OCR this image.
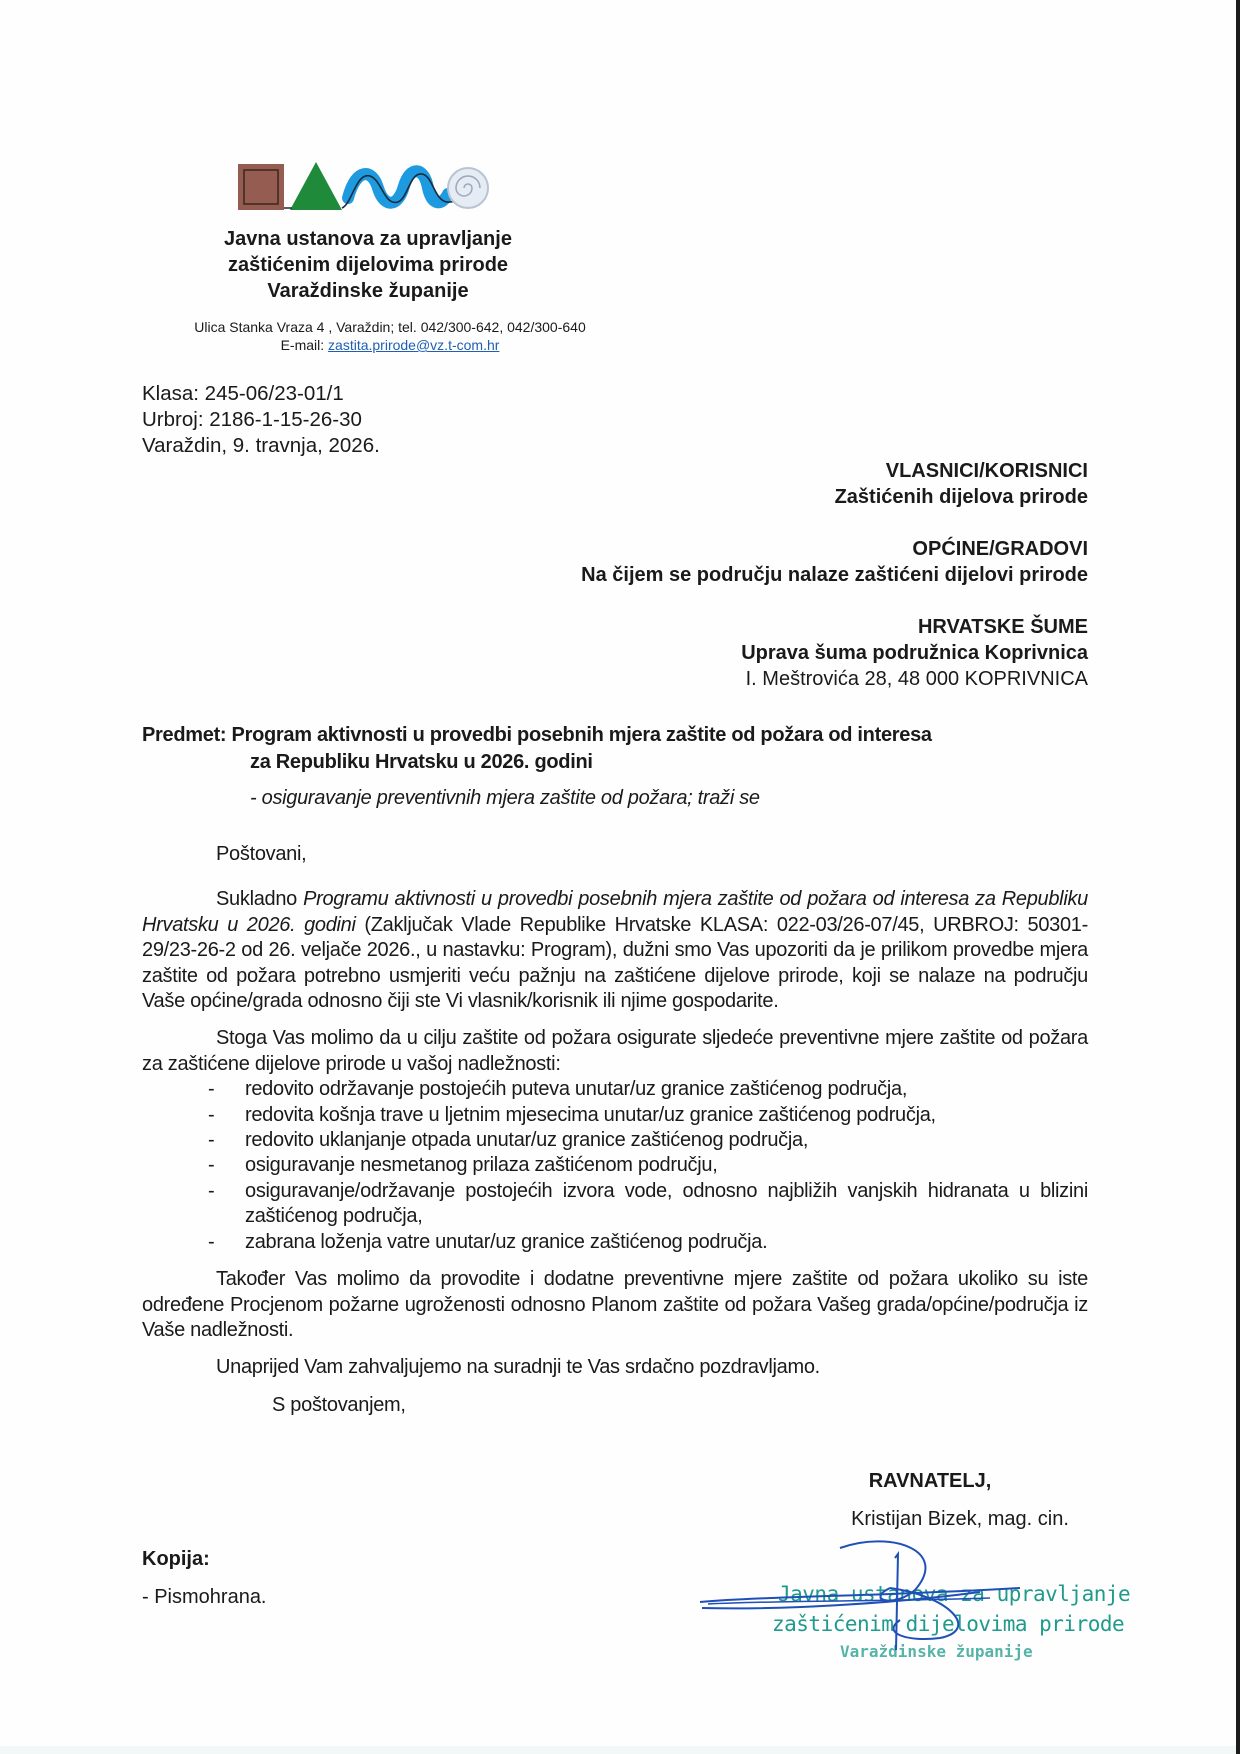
Javna ustanova za upravljanje
zaštićenim dijelovima prirode
Varaždinske županije
Ulica Stanka Vraza 4 , Varaždin; tel. 042/300-642, 042/300-640
E-mail: zastita.prirode@vz.t-com.hr
Klasa: 245-06/23-01/1
Urbroj: 2186-1-15-26-30
Varaždin, 9. travnja, 2026.
VLASNICI/KORISNICI
Zaštićenih dijelova prirode
OPĆINE/GRADOVI
Na čijem se području nalaze zaštićeni dijelovi prirode
HRVATSKE ŠUME
Uprava šuma podružnica Koprivnica
I. Meštrovića 28, 48 000 KOPRIVNICA
Predmet: Program aktivnosti u provedbi posebnih mjera zaštite od požara od interesa
za Republiku Hrvatsku u 2026. godini
- osiguravanje preventivnih mjera zaštite od požara; traži se

Poštovani,

Sukladno Programu aktivnosti u provedbi posebnih mjera zaštite od požara od interesa za Republiku Hrvatsku u 2026. godini (Zaključak Vlade Republike Hrvatske KLASA: 022-03/26-07/45, URBROJ: 50301-29/23-26-2 od 26. veljače 2026., u nastavku: Program), dužni smo Vas upozoriti da je prilikom provedbe mjera zaštite od požara potrebno usmjeriti veću pažnju na zaštićene dijelove prirode, koji se nalaze na području Vaše općine/grada odnosno čiji ste Vi vlasnik/korisnik ili njime gospodarite.

Stoga Vas molimo da u cilju zaštite od požara osigurate sljedeće preventivne mjere zaštite od požara za zaštićene dijelove prirode u vašoj nadležnosti:

- redovito održavanje postojećih puteva unutar/uz granice zaštićenog područja,
- redovita košnja trave u ljetnim mjesecima unutar/uz granice zaštićenog područja,
- redovito uklanjanje otpada unutar/uz granice zaštićenog područja,
- osiguravanje nesmetanog prilaza zaštićenom području,
- osiguravanje/održavanje postojećih izvora vode, odnosno najbližih vanjskih hidranata u blizini zaštićenog područja,
- zabrana loženja vatre unutar/uz granice zaštićenog područja.

Također Vas molimo da provodite i dodatne preventivne mjere zaštite od požara ukoliko su iste određene Procjenom požarne ugroženosti odnosno Planom zaštite od požara Vašeg grada/općine/područja iz Vaše nadležnosti.

Unaprijed Vam zahvaljujemo na suradnji te Vas srdačno pozdravljamo.

S poštovanjem,

RAVNATELJ,
Kristijan Bizek, mag. cin.
Javna ustanova za upravljanje
zaštićenim dijelovima prirode
Varaždinske županije
Kopija:
- Pismohrana.
